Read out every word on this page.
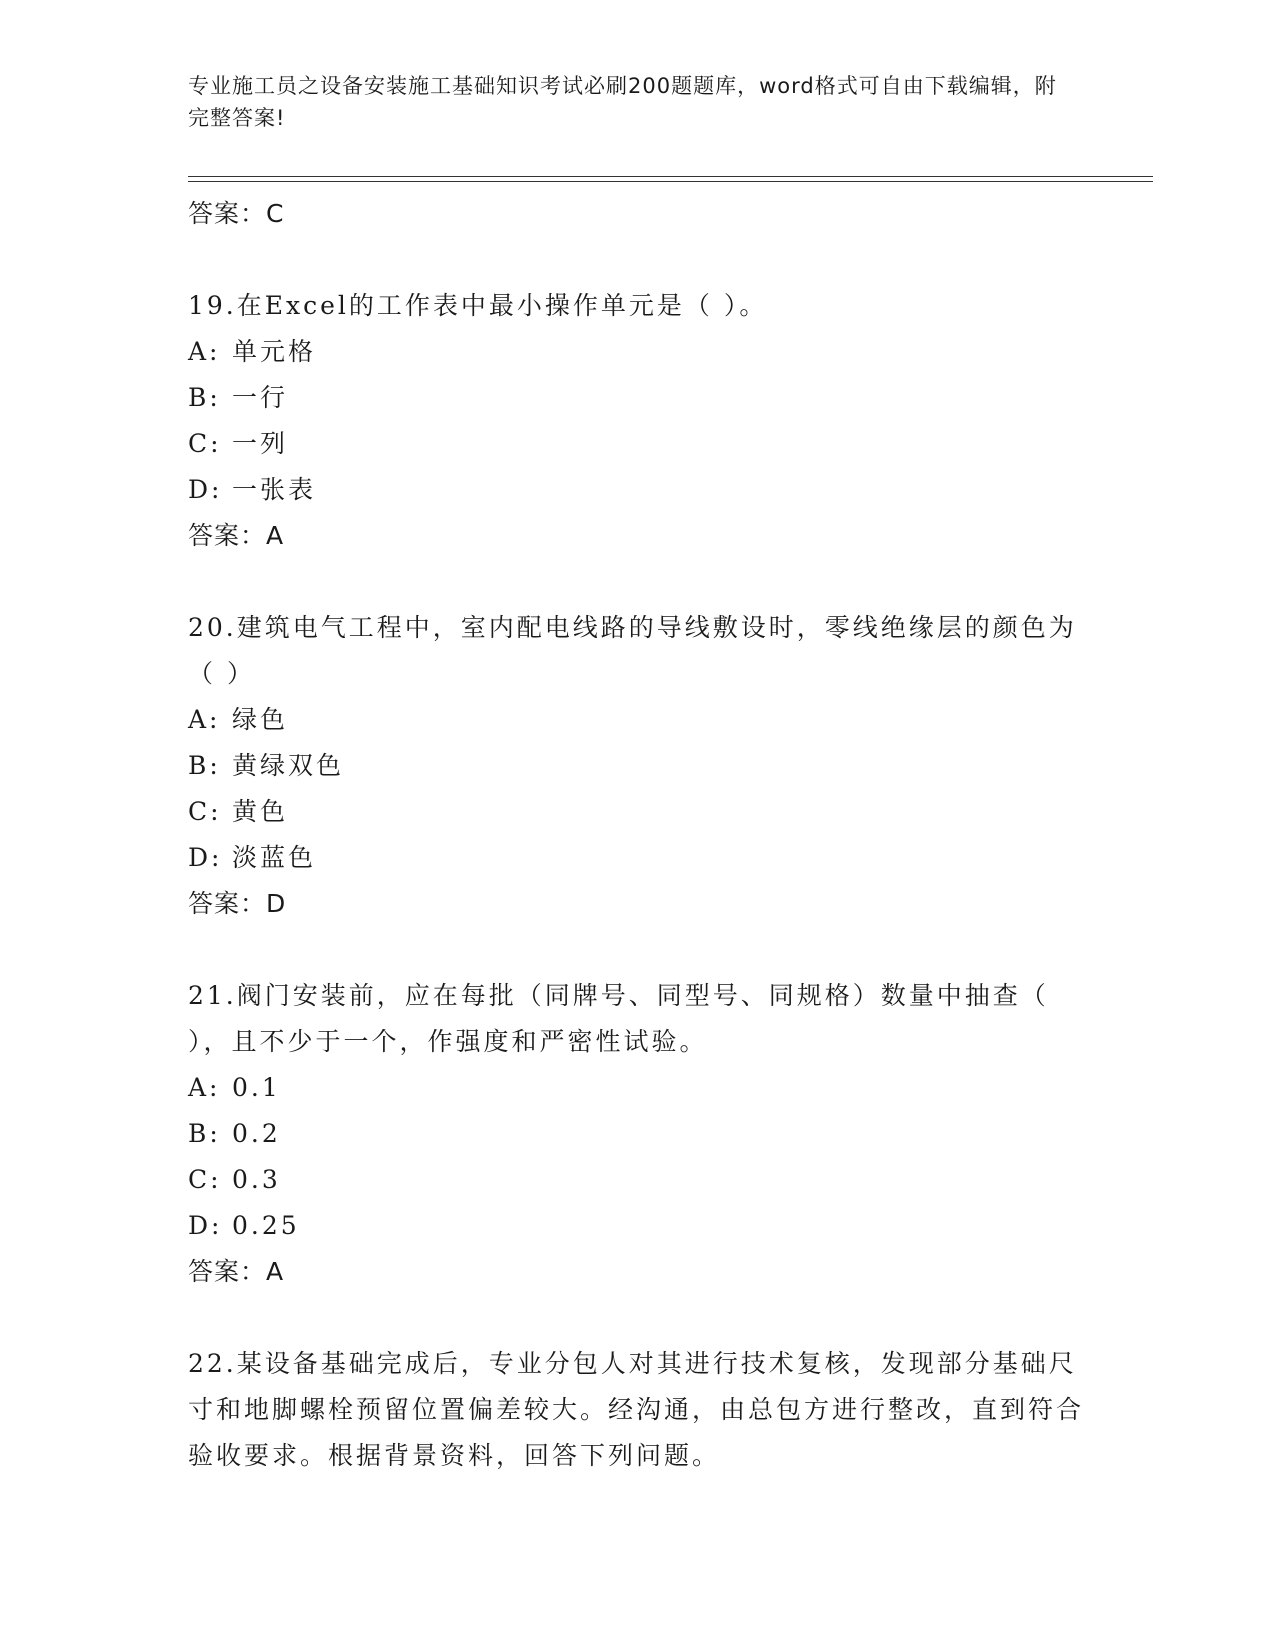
专业施工员之设备安装施工基础知识考试必刷200题题库，word格式可自由下载编辑，附完整答案!

答案：C

19.在Excel的工作表中最小操作单元是（ ）。

A: 单元格

B: 一行

C: 一列

D: 一张表

答案：A

20.建筑电气工程中，室内配电线路的导线敷设时，零线绝缘层的颜色为（ ）

A: 绿色

B: 黄绿双色

C: 黄色

D: 淡蓝色

答案：D

21.阀门安装前，应在每批（同牌号、同型号、同规格）数量中抽查（ ），且不少于一个，作强度和严密性试验。

A: 0.1

B: 0.2

C: 0.3

D: 0.25

答案：A

22.某设备基础完成后，专业分包人对其进行技术复核，发现部分基础尺寸和地脚螺栓预留位置偏差较大。经沟通，由总包方进行整改，直到符合验收要求。根据背景资料，回答下列问题。
